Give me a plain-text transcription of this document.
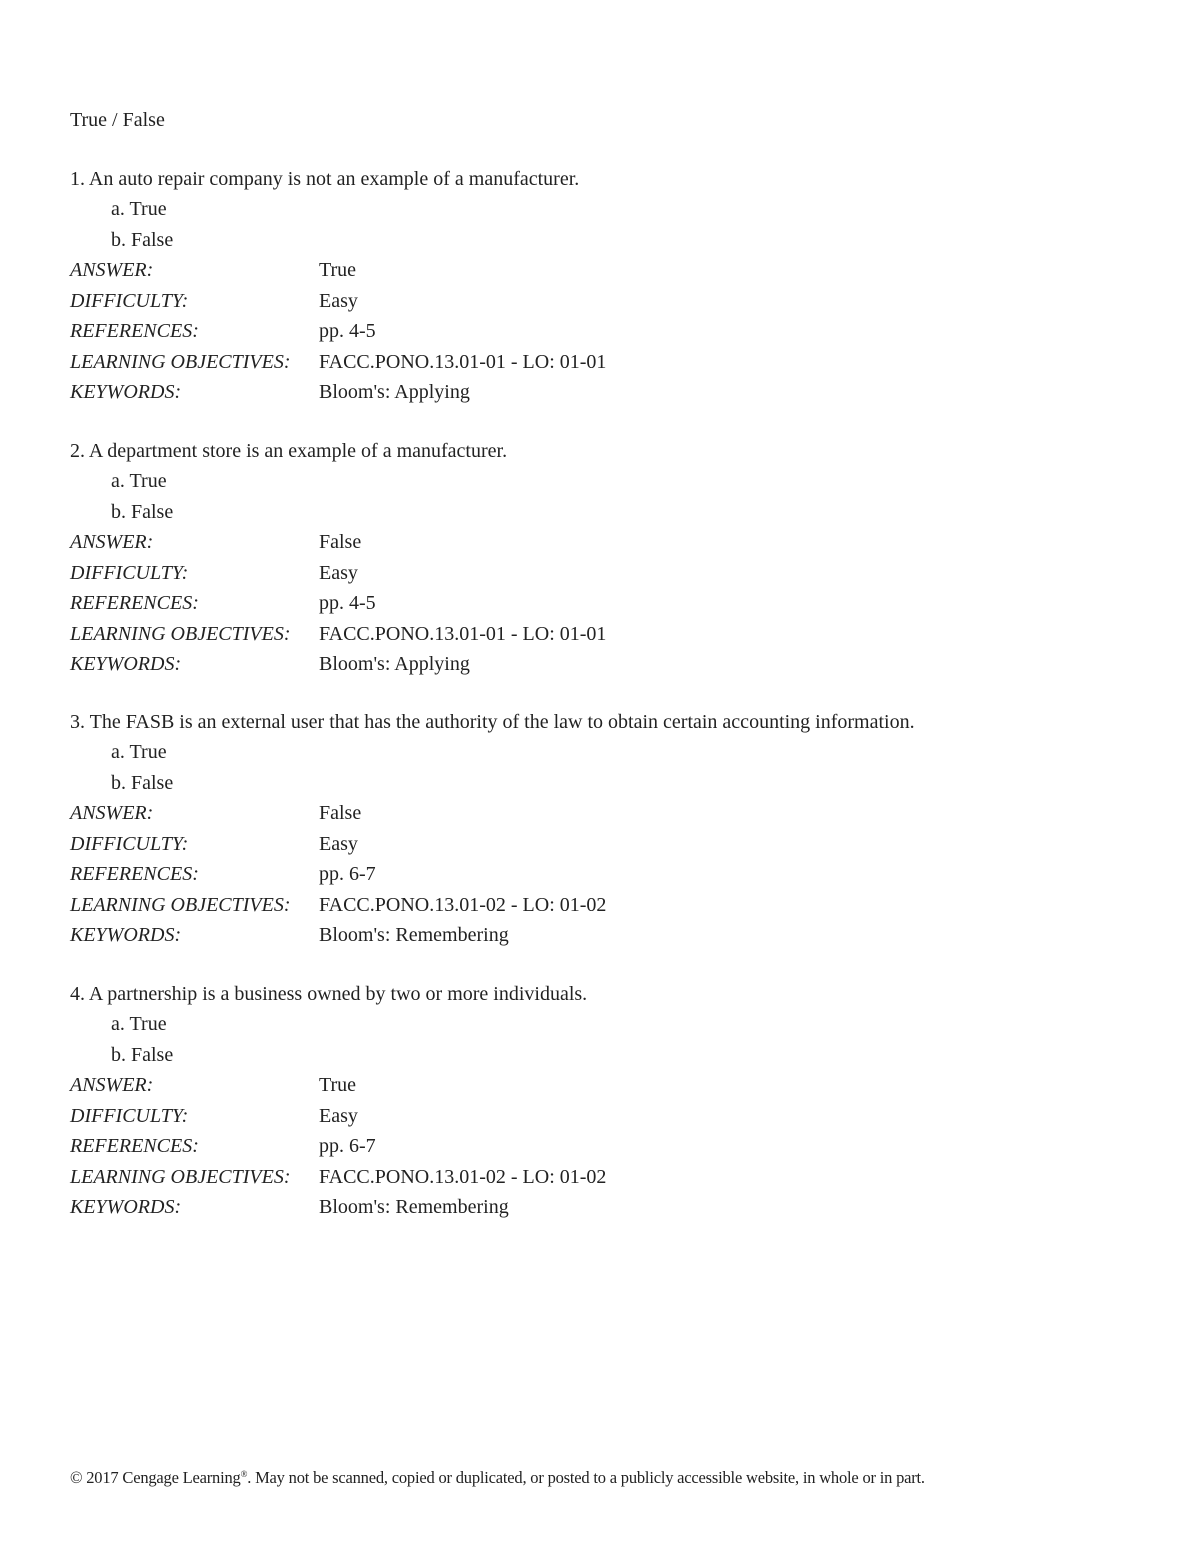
True / False
1. An auto repair company is not an example of a manufacturer.
a. True
b. False
ANSWER:	True
DIFFICULTY:	Easy
REFERENCES:	pp. 4-5
LEARNING OBJECTIVES:	FACC.PONO.13.01-01 - LO: 01-01
KEYWORDS:	Bloom's: Applying
2. A department store is an example of a manufacturer.
a. True
b. False
ANSWER:	False
DIFFICULTY:	Easy
REFERENCES:	pp. 4-5
LEARNING OBJECTIVES:	FACC.PONO.13.01-01 - LO: 01-01
KEYWORDS:	Bloom's: Applying
3. The FASB is an external user that has the authority of the law to obtain certain accounting information.
a. True
b. False
ANSWER:	False
DIFFICULTY:	Easy
REFERENCES:	pp. 6-7
LEARNING OBJECTIVES:	FACC.PONO.13.01-02 - LO: 01-02
KEYWORDS:	Bloom's: Remembering
4. A partnership is a business owned by two or more individuals.
a. True
b. False
ANSWER:	True
DIFFICULTY:	Easy
REFERENCES:	pp. 6-7
LEARNING OBJECTIVES:	FACC.PONO.13.01-02 - LO: 01-02
KEYWORDS:	Bloom's: Remembering
© 2017 Cengage Learning®. May not be scanned, copied or duplicated, or posted to a publicly accessible website, in whole or in part.
